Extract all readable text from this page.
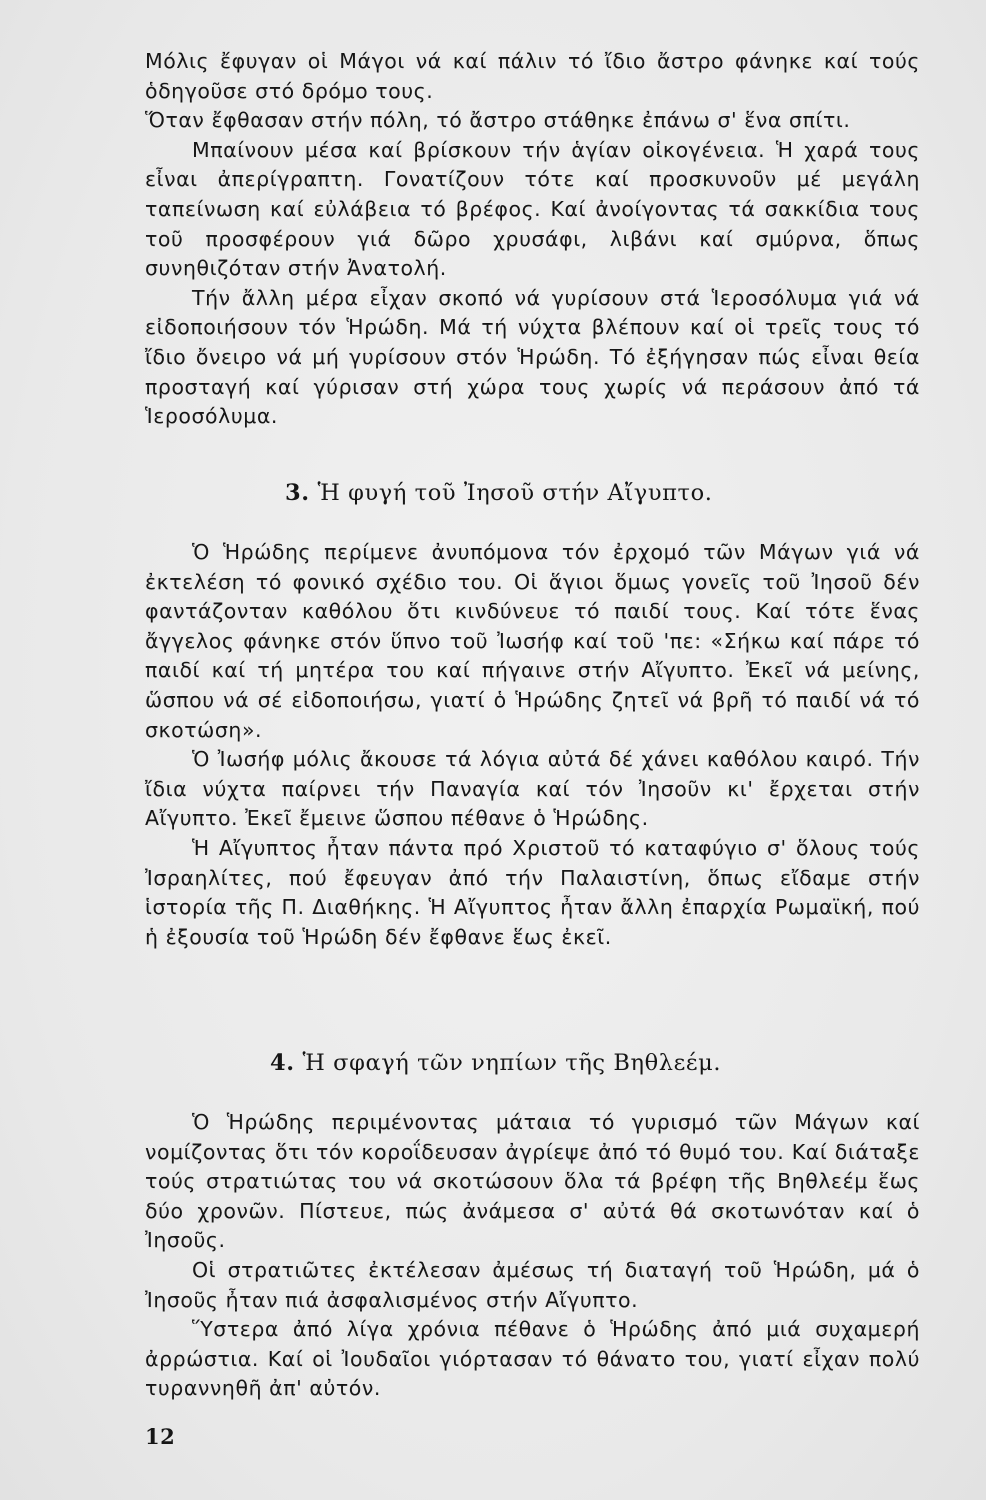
Μόλις ἔφυγαν οἱ Μάγοι νά καί πάλιν τό ἴδιο ἄστρο φάνηκε καί τούς ὁδηγοῦσε στό δρόμο τους.

Ὅταν ἔφθασαν στήν πόλη, τό ἄστρο στάθηκε ἐπάνω σ' ἕνα σπίτι.

Μπαίνουν μέσα καί βρίσκουν τήν ἁγίαν οἰκογένεια. Ἡ χαρά τους εἶναι ἀπερίγραπτη. Γονατίζουν τότε καί προσκυνοῦν μέ μεγάλη ταπείνωση καί εὐλάβεια τό βρέφος. Καί ἀνοίγοντας τά σακκίδια τους τοῦ προσφέρουν γιά δῶρο χρυσάφι, λιβάνι καί σμύρνα, ὅπως συνηθιζόταν στήν Ἀνατολή.

Τήν ἄλλη μέρα εἶχαν σκοπό νά γυρίσουν στά Ἱεροσόλυμα γιά νά εἰδοποιήσουν τόν Ἡρώδη. Μά τή νύχτα βλέπουν καί οἱ τρεῖς τους τό ἴδιο ὄνειρο νά μή γυρίσουν στόν Ἡρώδη. Τό ἐξήγησαν πώς εἶναι θεία προσταγή καί γύρισαν στή χώρα τους χωρίς νά περάσουν ἀπό τά Ἱεροσόλυμα.

3. Ἡ φυγή τοῦ Ἰησοῦ στήν Αἴγυπτο.

Ὁ Ἡρώδης περίμενε ἀνυπόμονα τόν ἐρχομό τῶν Μάγων γιά νά ἐκτελέση τό φονικό σχέδιο του. Οἱ ἅγιοι ὅμως γονεῖς τοῦ Ἰησοῦ δέν φαντάζονταν καθόλου ὅτι κινδύνευε τό παιδί τους. Καί τότε ἕνας ἄγγελος φάνηκε στόν ὕπνο τοῦ Ἰωσήφ καί τοῦ 'πε: «Σήκω καί πάρε τό παιδί καί τή μητέρα του καί πήγαινε στήν Αἴγυπτο. Ἐκεῖ νά μείνης, ὥσπου νά σέ εἰδοποιήσω, γιατί ὁ Ἡρώδης ζητεῖ νά βρῆ τό παιδί νά τό σκοτώση».

Ὁ Ἰωσήφ μόλις ἄκουσε τά λόγια αὐτά δέ χάνει καθόλου καιρό. Τήν ἴδια νύχτα παίρνει τήν Παναγία καί τόν Ἰησοῦν κι' ἔρχεται στήν Αἴγυπτο. Ἐκεῖ ἔμεινε ὥσπου πέθανε ὁ Ἡρώδης.

Ἡ Αἴγυπτος ἦταν πάντα πρό Χριστοῦ τό καταφύγιο σ' ὅλους τούς Ἰσραηλίτες, πού ἔφευγαν ἀπό τήν Παλαιστίνη, ὅπως εἴδαμε στήν ἱστορία τῆς Π. Διαθήκης. Ἡ Αἴγυπτος ἦταν ἄλλη ἐπαρχία Ρωμαϊκή, πού ἡ ἐξουσία τοῦ Ἡρώδη δέν ἔφθανε ἕως ἐκεῖ.

4. Ἡ σφαγή τῶν νηπίων τῆς Βηθλεέμ.

Ὁ Ἡρώδης περιμένοντας μάταια τό γυρισμό τῶν Μάγων καί νομίζοντας ὅτι τόν κοροΐδευσαν ἀγρίεψε ἀπό τό θυμό του. Καί διάταξε τούς στρατιώτας του νά σκοτώσουν ὅλα τά βρέφη τῆς Βηθλεέμ ἕως δύο χρονῶν. Πίστευε, πώς ἀνάμεσα σ' αὐτά θά σκοτωνόταν καί ὁ Ἰησοῦς.

Οἱ στρατιῶτες ἐκτέλεσαν ἀμέσως τή διαταγή τοῦ Ἡρώδη, μά ὁ Ἰησοῦς ἦταν πιά ἀσφαλισμένος στήν Αἴγυπτο.

Ὕστερα ἀπό λίγα χρόνια πέθανε ὁ Ἡρώδης ἀπό μιά συχαμερή ἀρρώστια. Καί οἱ Ἰουδαῖοι γιόρτασαν τό θάνατο του, γιατί εἶχαν πολύ τυραννηθῆ ἀπ' αὐτόν.

12
